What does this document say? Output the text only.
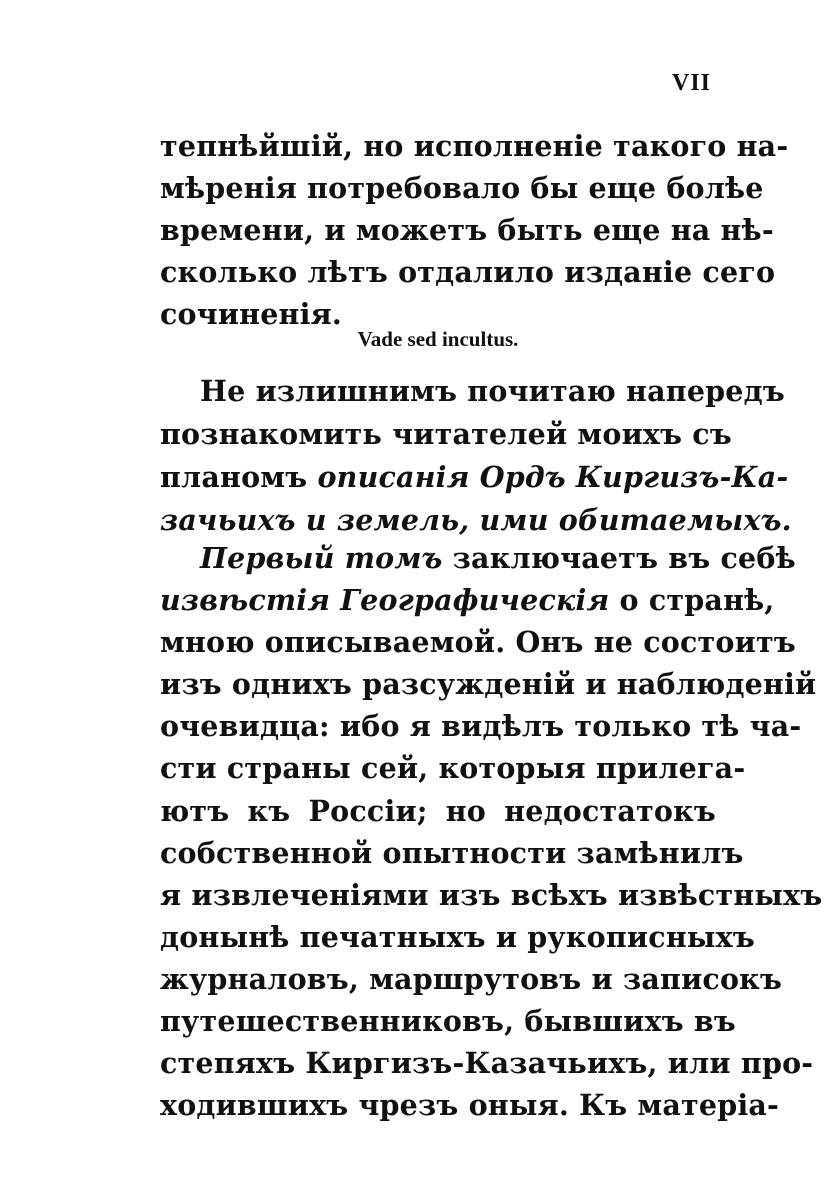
VII
тепнѣйшій, но исполненіе такого на-
мѣренія потребовало бы еще болѣе
времени, и можетъ быть еще на нѣ-
сколько лѣтъ отдалило изданіе сего
сочиненія.
Vade sed incultus.
Не излишнимъ почитаю напередъ
познакомить читателей моихъ съ
планомъ описанія Ордъ Киргизъ-Ка-
зачьихъ и земель, ими обитаемыхъ.
Первый томъ заключаетъ въ себѣ
извѣстія Географическія о странѣ,
мною описываемой. Онъ не состоитъ
изъ однихъ разсужденій и наблюденій
очевидца: ибо я видѣлъ только тѣ ча-
сти страны сей, которыя прилега-
ютъ къ Россіи; но недостатокъ
собственной опытности замѣнилъ
я извлеченіями изъ всѣхъ извѣстныхъ
донынѣ печатныхъ и рукописныхъ
журналовъ, маршрутовъ и записокъ
путешественниковъ, бывшихъ въ
степяхъ Киргизъ-Казачьихъ, или про-
ходившихъ чрезъ оныя. Къ матеріа-
